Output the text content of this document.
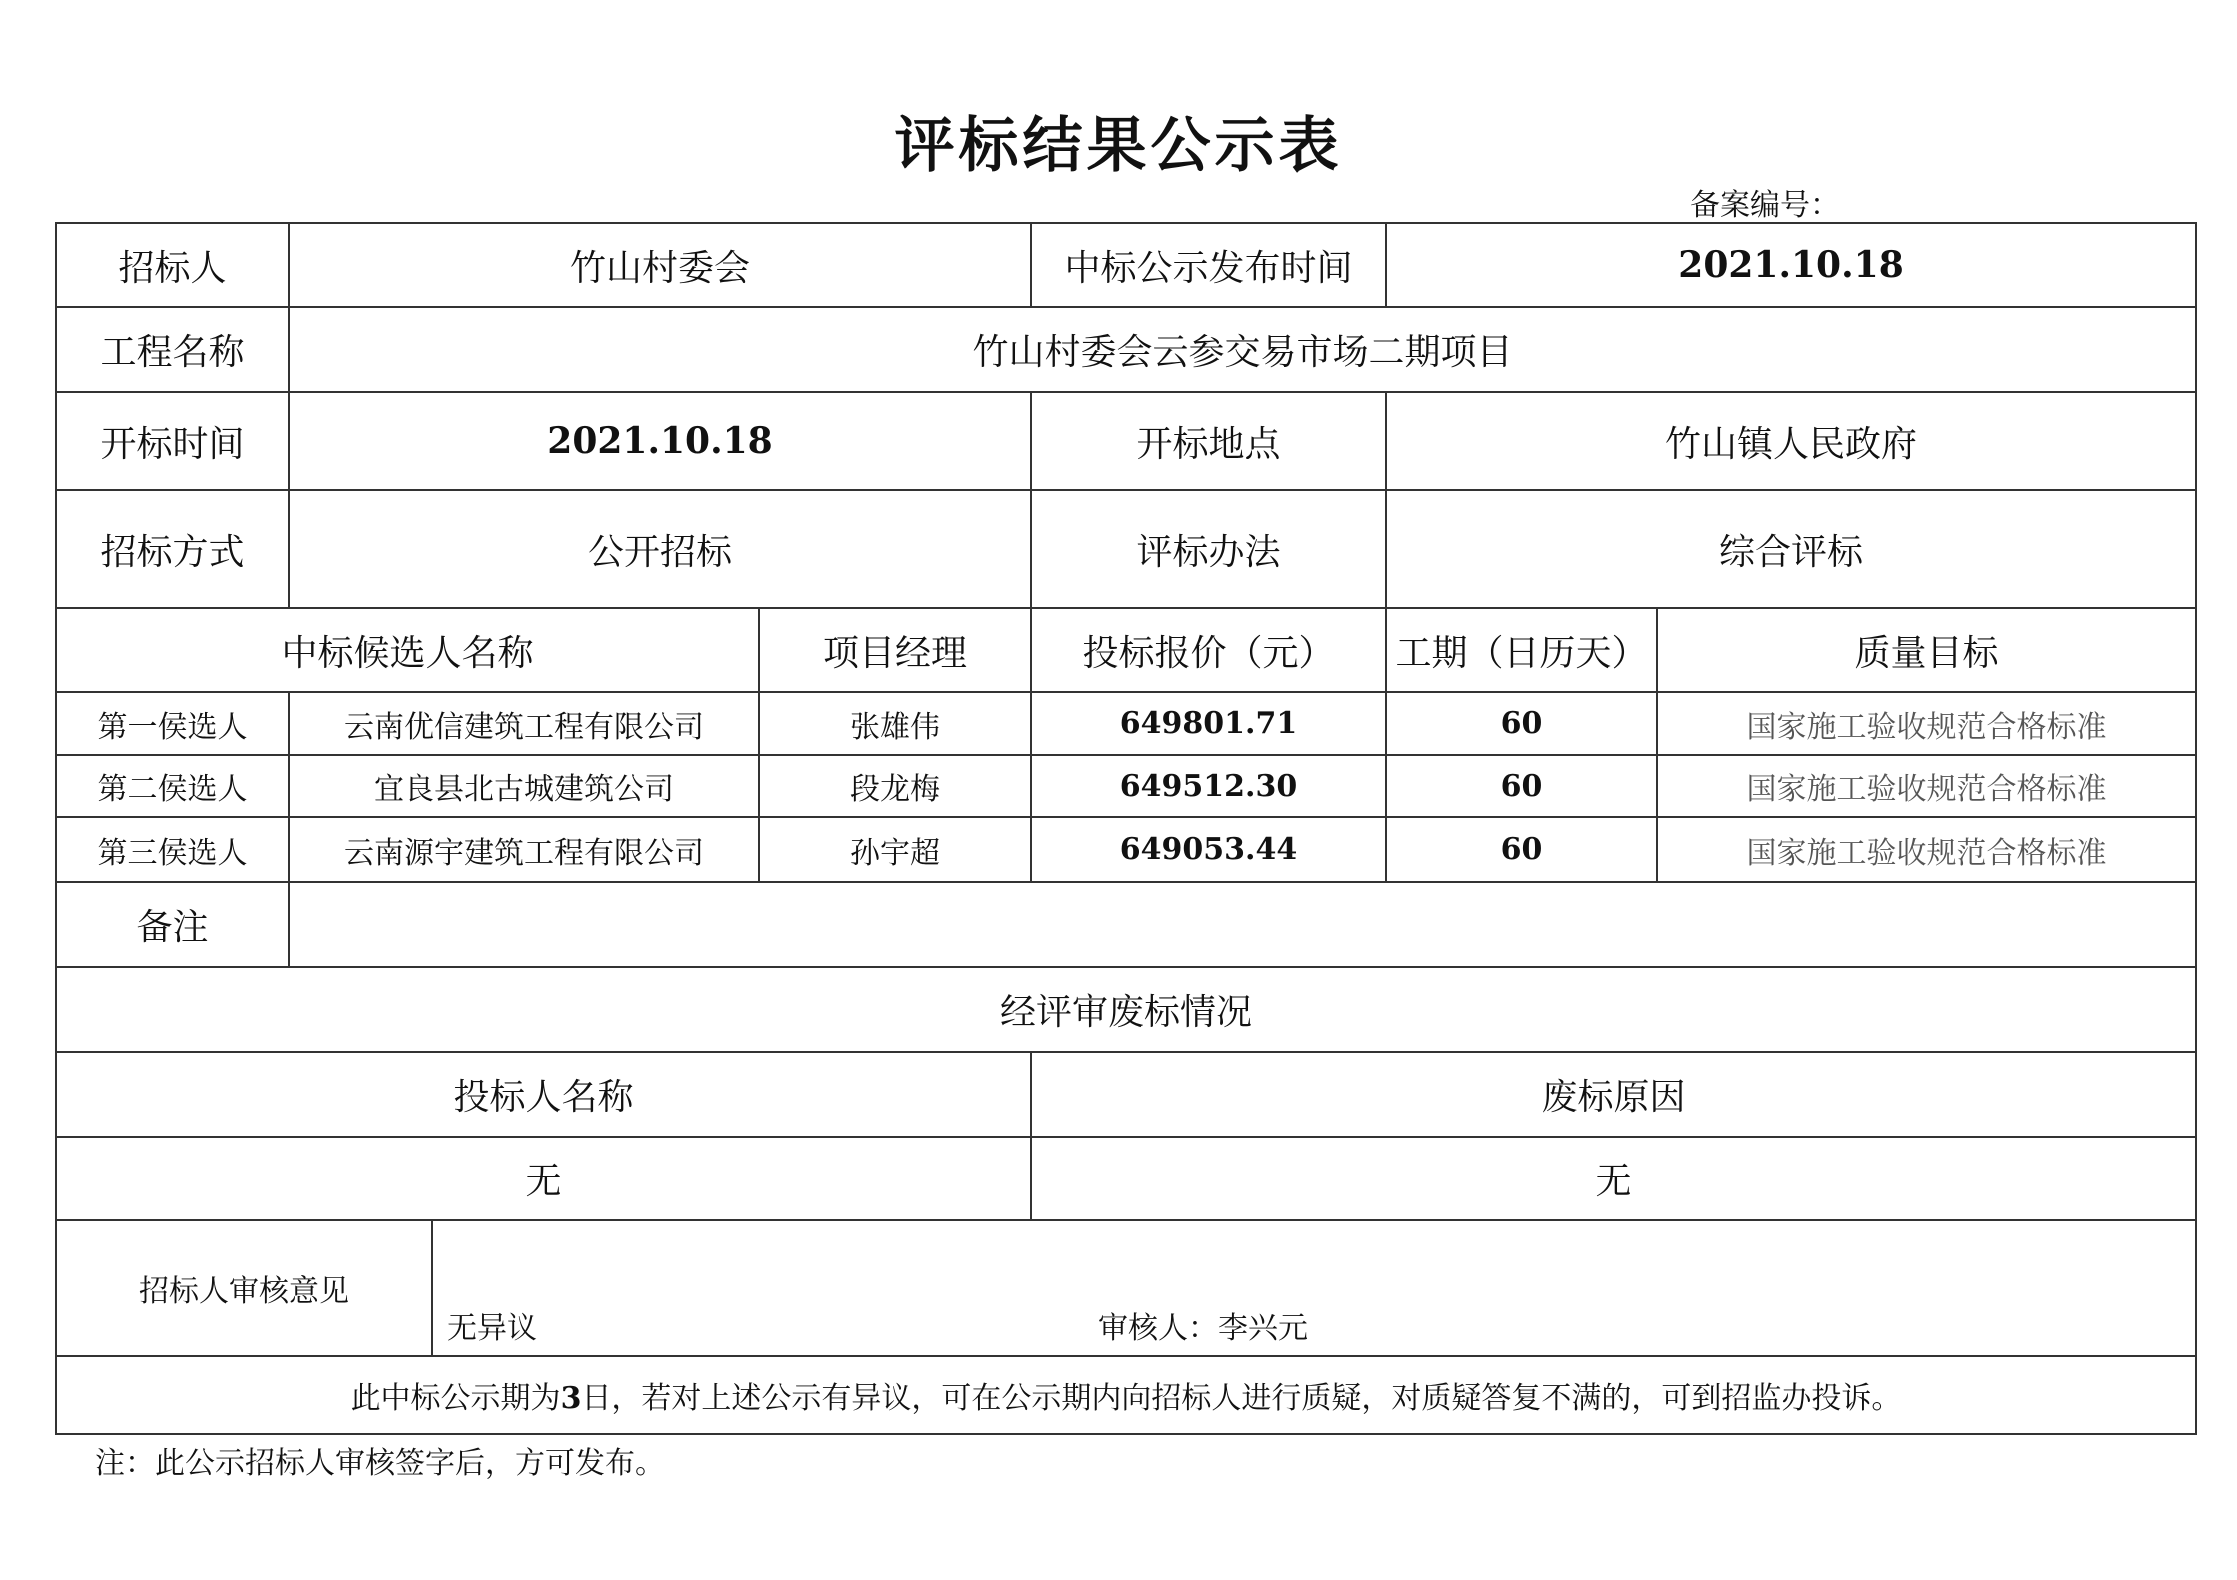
评标结果公示表
备案编号：
招标人	竹山村委会		中标公示发布时间	2021.10.18	
工程名称	竹山村委会云参交易市场二期项目				
开标时间	2021.10.18		开标地点	竹山镇人民政府	
招标方式	公开招标		评标办法	综合评标	
中标候选人名称		项目经理	投标报价（元）	工期（日历天）	质量目标
第一侯选人	云南优信建筑工程有限公司	张雄伟	649801.71	60	国家施工验收规范合格标准
第二侯选人	宜良县北古城建筑公司	段龙梅	649512.30	60	国家施工验收规范合格标准
第三侯选人	云南源宇建筑工程有限公司	孙宇超	649053.44	60	国家施工验收规范合格标准
备注					
经评审废标情况					
投标人名称			废标原因		
无			无		

招标人审核意见
无异议 审核人：李兴元					

此中标公示期为3日，若对上述公示有异议，可在公示期内向招标人进行质疑，对质疑答复不满的，可到招监办投诉。					
注：此公示招标人审核签字后，方可发布。
